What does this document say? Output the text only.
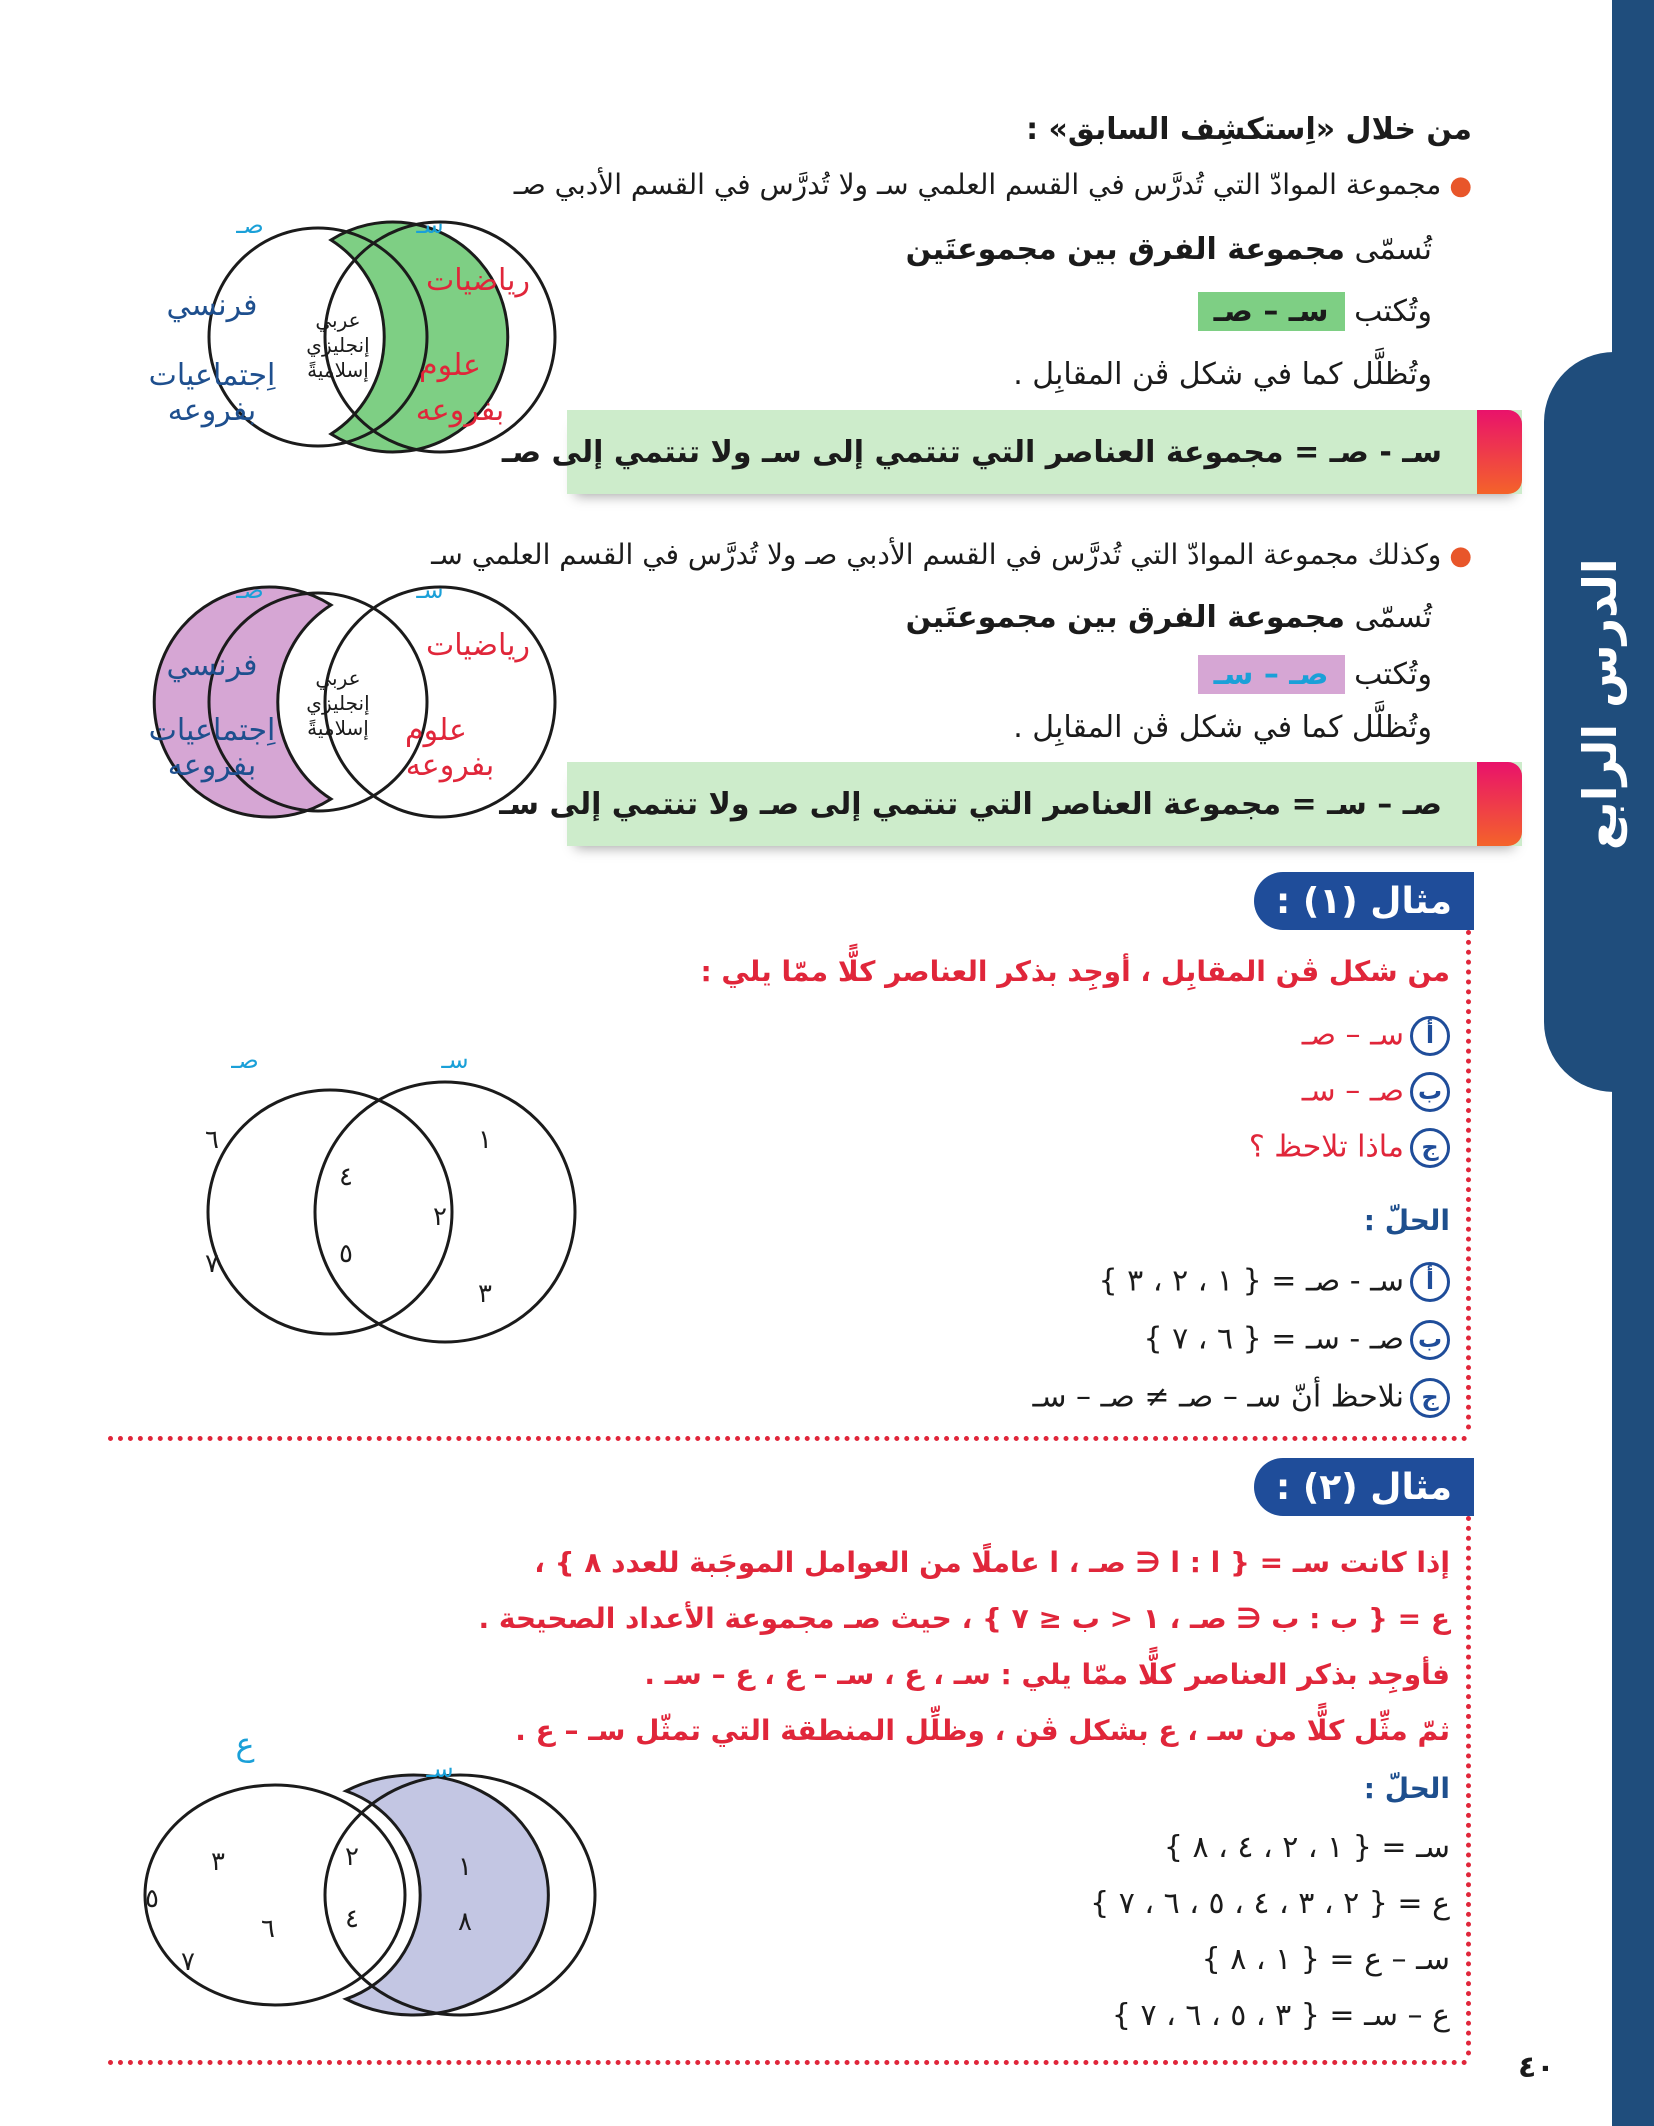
الدرس الرابع
من خلال «اِستكشِف السابق» :
●مجموعة الموادّ التي تُدرَّس في القسم العلمي سـ ولا تُدرَّس في القسم الأدبي صـ
تُسمّى مجموعة الفرق بين مجموعتَين
وتُكتب سـ – صـ
وتُظلَّل كما في شكل ڤن المقابِل .
سـ - صـ = مجموعة العناصر التي تنتمي إلى سـ ولا تنتمي إلى صـ
صـ	سـ
فرنسي
اِجتماعيات
بفروعه
عربي
إنجليزي
إسلاميةً
رياضيات
علوم
بفروعه
●وكذلك مجموعة الموادّ التي تُدرَّس في القسم الأدبي صـ ولا تُدرَّس في القسم العلمي سـ
تُسمّى مجموعة الفرق بين مجموعتَين
وتُكتب صـ – سـ
وتُظلَّل كما في شكل ڤن المقابِل .
صـ – سـ = مجموعة العناصر التي تنتمي إلى صـ ولا تنتمي إلى سـ
صـ	سـ
فرنسي
اِجتماعيات
بفروعه
عربي
إنجليزي
إسلاميةً
رياضيات
علوم
بفروعه
مثال (١) :
من شكل ڤن المقابِل ، أوجِد بذكر العناصر كلًّا ممّا يلي :
أسـ – صـ
بصـ – سـ
جماذا تلاحظ ؟
الحلّ :
أسـ - صـ = { ١ ، ٢ ، ٣ }
بصـ - سـ = { ٦ ، ٧ }
جنلاحظ أنّ سـ – صـ ≠ صـ – سـ
صـ	سـ
٦
٧
٤
٥
١
٢
٣
مثال (٢) :
إذا كانت سـ = { ا : ا ∈ صـ ، ا عاملًا من العوامل الموجَبة للعدد ٨ } ،
ع = { ب : ب ∈ صـ ، ١ < ب ≤ ٧ } ، حيث صـ مجموعة الأعداد الصحيحة .
فأوجِد بذكر العناصر كلًّا ممّا يلي : سـ ، ع ، سـ – ع ، ع – سـ .
ثمّ مثِّل كلًّا من سـ ، ع بشكل ڤن ، وظلِّل المنطقة التي تمثّل سـ – ع .
الحلّ :
سـ = { ١ ، ٢ ، ٤ ، ٨ }
ع = { ٢ ، ٣ ، ٤ ، ٥ ، ٦ ، ٧ }
سـ – ع = { ١ ، ٨ }
ع – سـ = { ٣ ، ٥ ، ٦ ، ٧ }
ع
سـ
٣
٥
٦
٧
٢
٤
١
٨
٤٠
